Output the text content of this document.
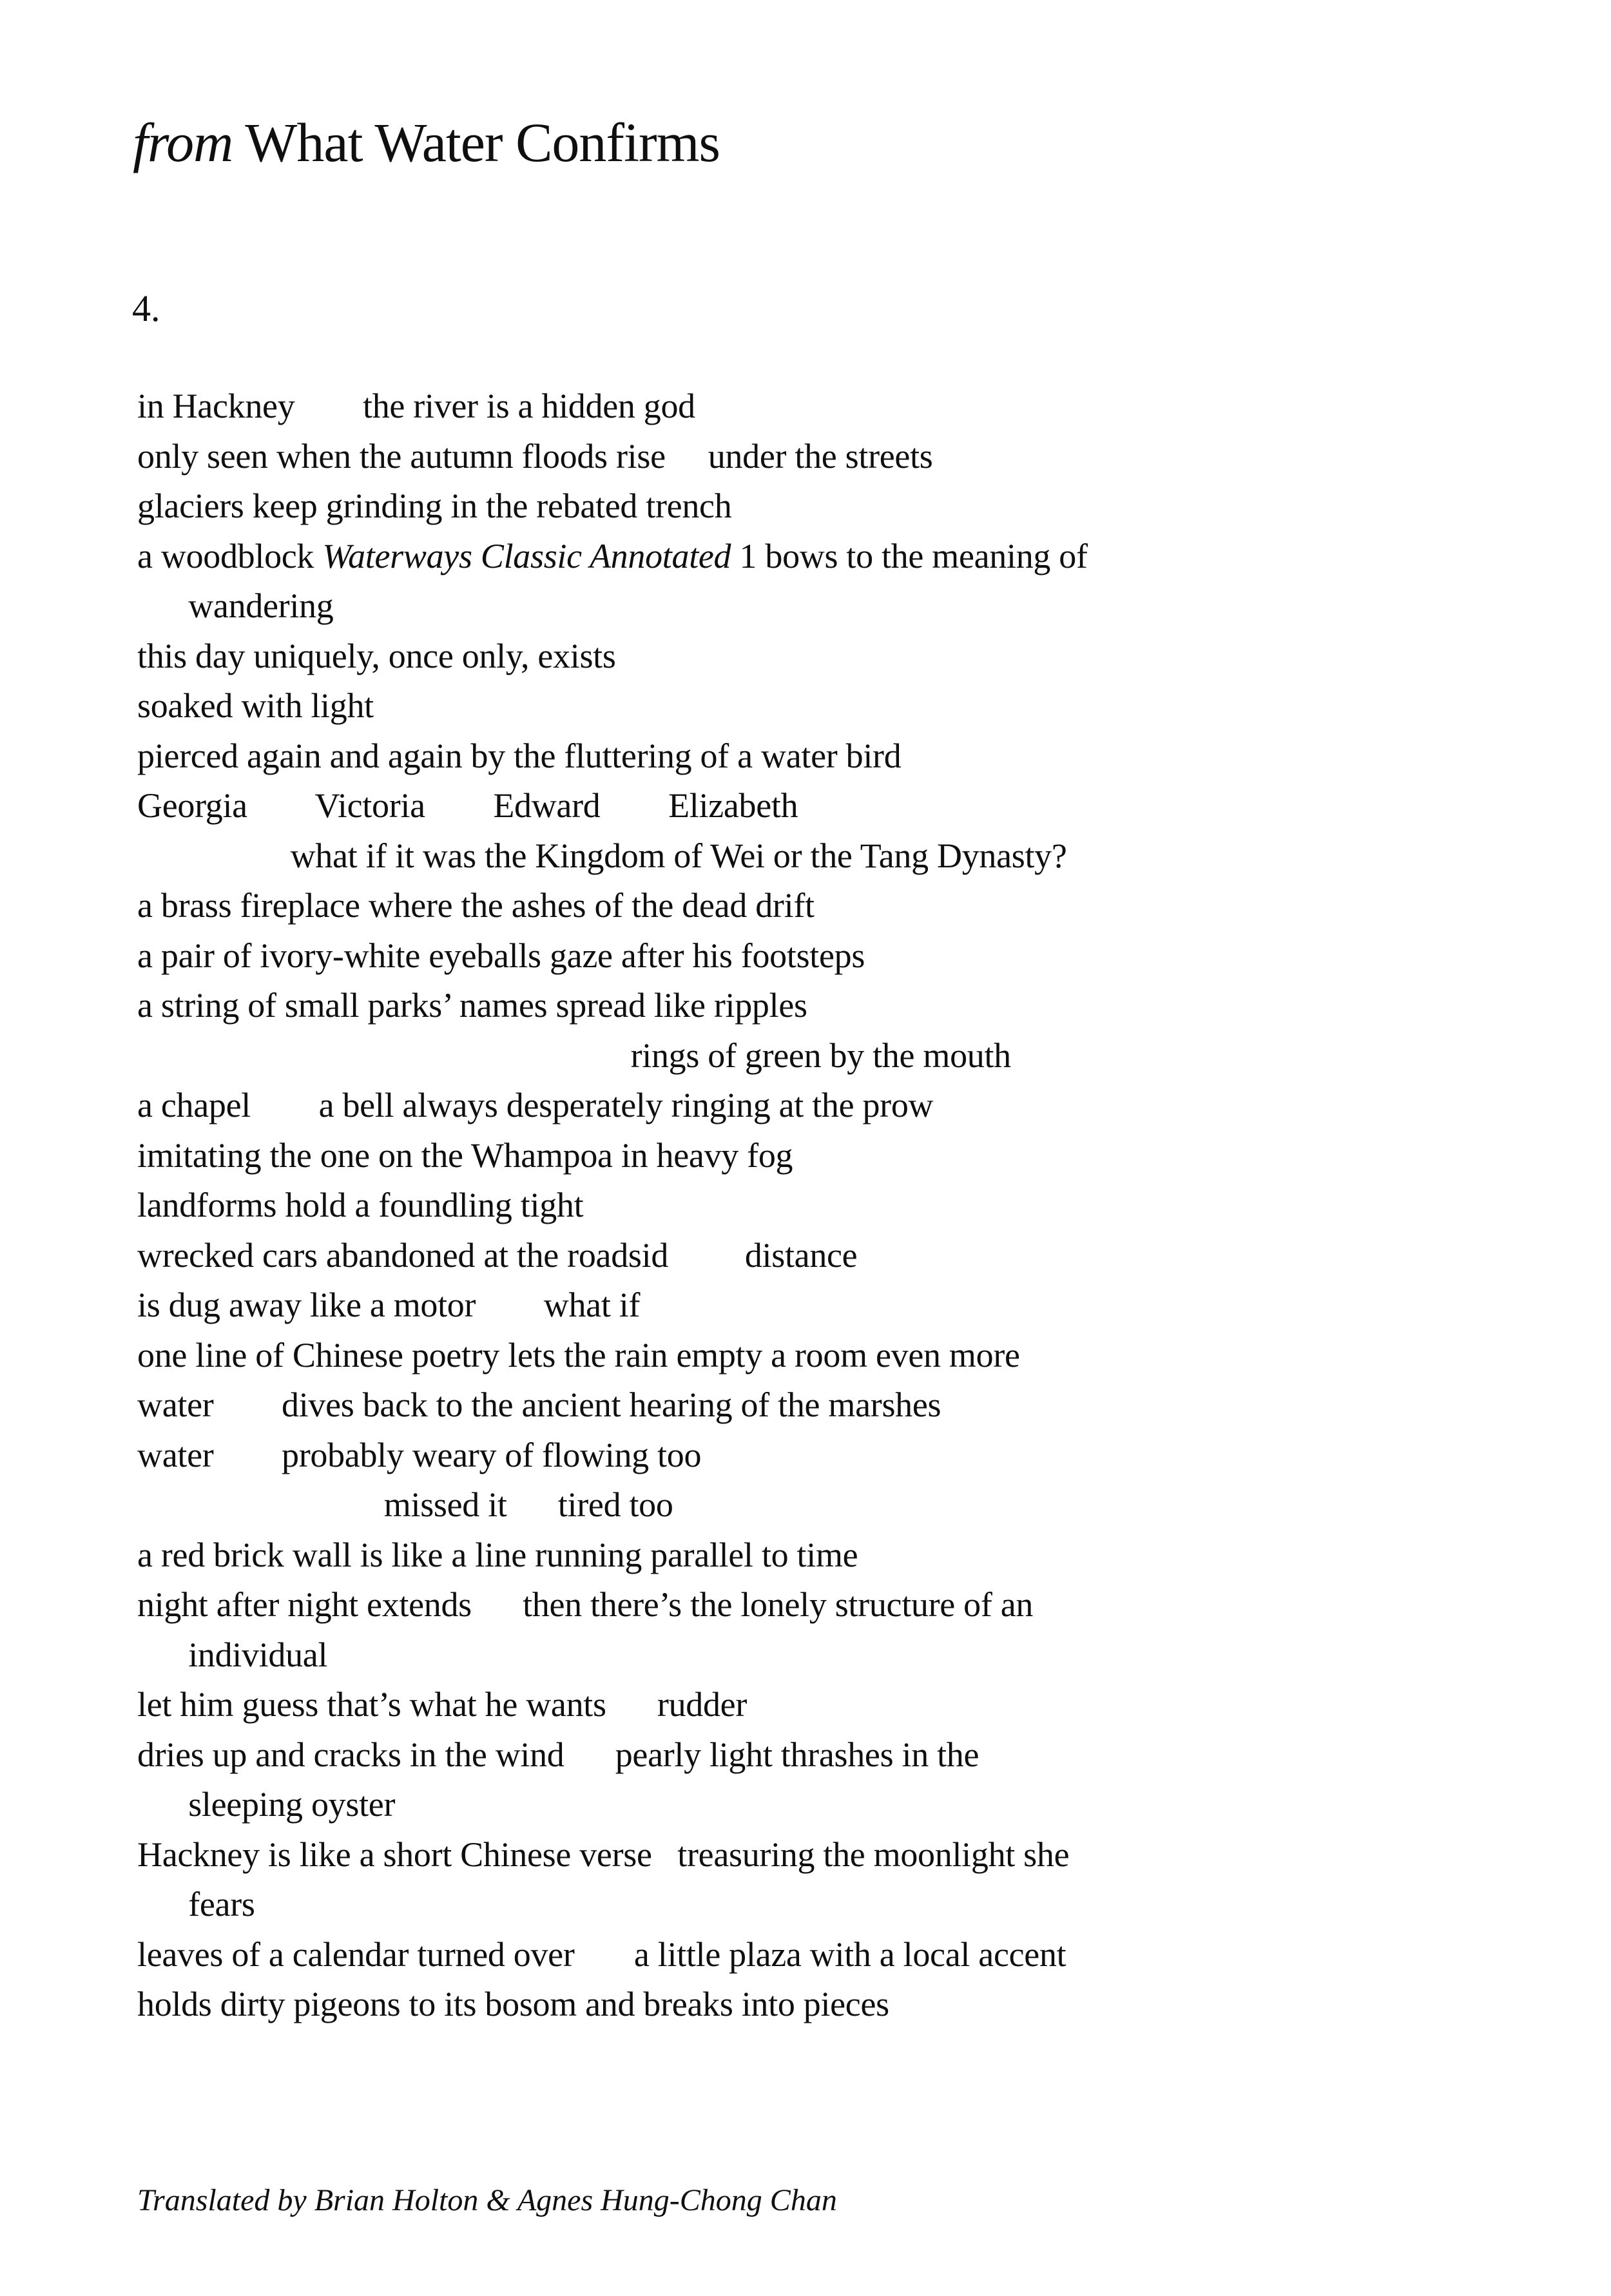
from What Water Confirms
4.
in Hackney        the river is a hidden god
only seen when the autumn floods rise     under the streets
glaciers keep grinding in the rebated trench
a woodblock Waterways Classic Annotated 1 bows to the meaning of
wandering
this day uniquely, once only, exists
soaked with light
pierced again and again by the fluttering of a water bird
Georgia        Victoria        Edward        Elizabeth
what if it was the Kingdom of Wei or the Tang Dynasty?
a brass fireplace where the ashes of the dead drift
a pair of ivory-white eyeballs gaze after his footsteps
a string of small parks’ names spread like ripples
rings of green by the mouth
a chapel        a bell always desperately ringing at the prow
imitating the one on the Whampoa in heavy fog
landforms hold a foundling tight
wrecked cars abandoned at the roadsid         distance
is dug away like a motor        what if
one line of Chinese poetry lets the rain empty a room even more
water        dives back to the ancient hearing of the marshes
water        probably weary of flowing too
missed it      tired too
a red brick wall is like a line running parallel to time
night after night extends      then there’s the lonely structure of an
individual
let him guess that’s what he wants      rudder
dries up and cracks in the wind      pearly light thrashes in the
sleeping oyster
Hackney is like a short Chinese verse   treasuring the moonlight she
fears
leaves of a calendar turned over       a little plaza with a local accent
holds dirty pigeons to its bosom and breaks into pieces
Translated by Brian Holton & Agnes Hung-Chong Chan
